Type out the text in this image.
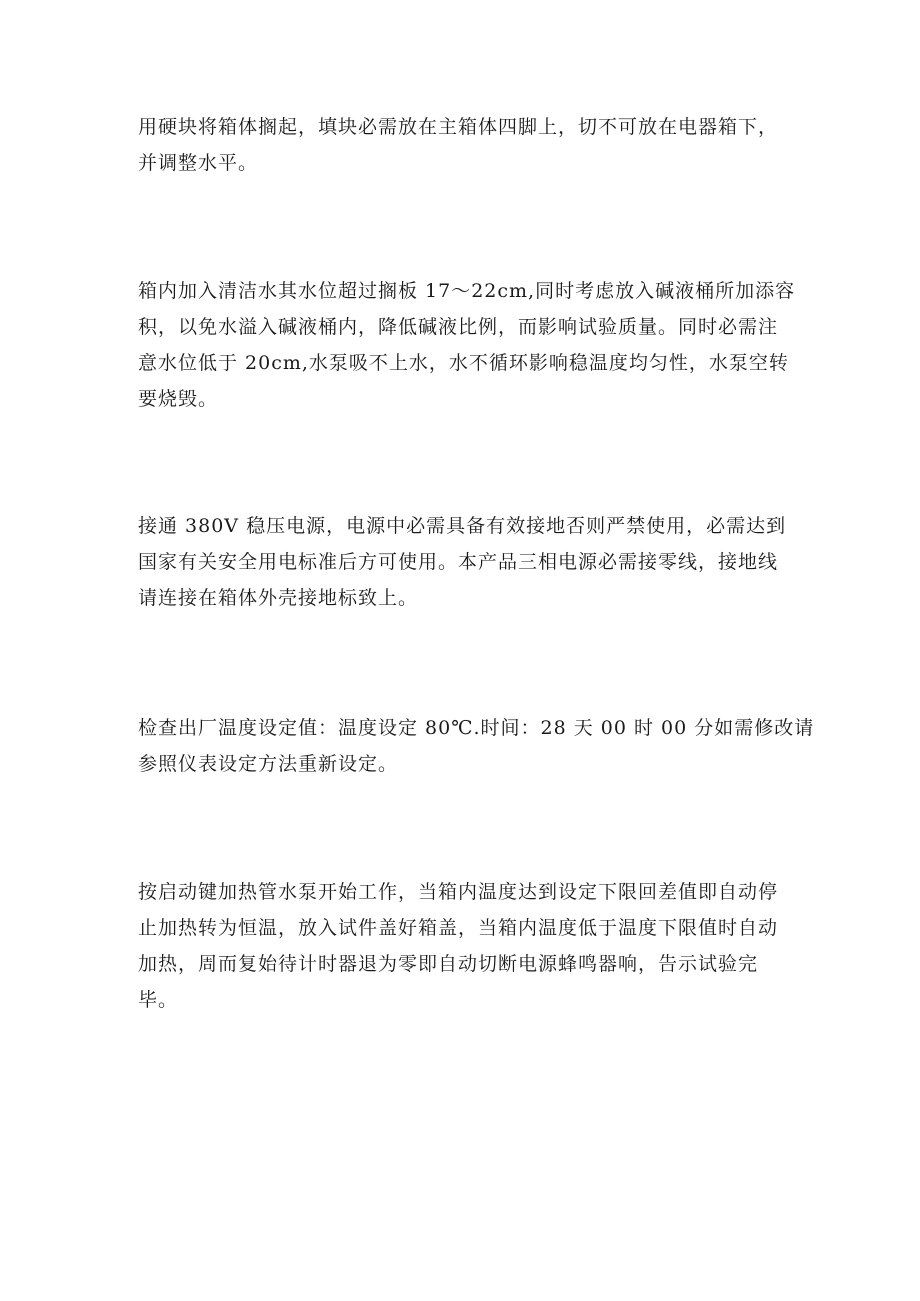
用硬块将箱体搁起，填块必需放在主箱体四脚上，切不可放在电器箱下，
并调整水平。

箱内加入清洁水其水位超过搁板 17～22cm,同时考虑放入碱液桶所加添容
积，以免水溢入碱液桶内，降低碱液比例，而影响试验质量。同时必需注
意水位低于 20cm,水泵吸不上水，水不循环影响稳温度均匀性，水泵空转
要烧毁。

接通 380V 稳压电源，电源中必需具备有效接地否则严禁使用，必需达到
国家有关安全用电标准后方可使用。本产品三相电源必需接零线，接地线
请连接在箱体外壳接地标致上。

检查出厂温度设定值：温度设定 80℃.时间：28 天 00 时 00 分如需修改请
参照仪表设定方法重新设定。

按启动键加热管水泵开始工作，当箱内温度达到设定下限回差值即自动停
止加热转为恒温，放入试件盖好箱盖，当箱内温度低于温度下限值时自动
加热，周而复始待计时器退为零即自动切断电源蜂鸣器响，告示试验完
毕。
